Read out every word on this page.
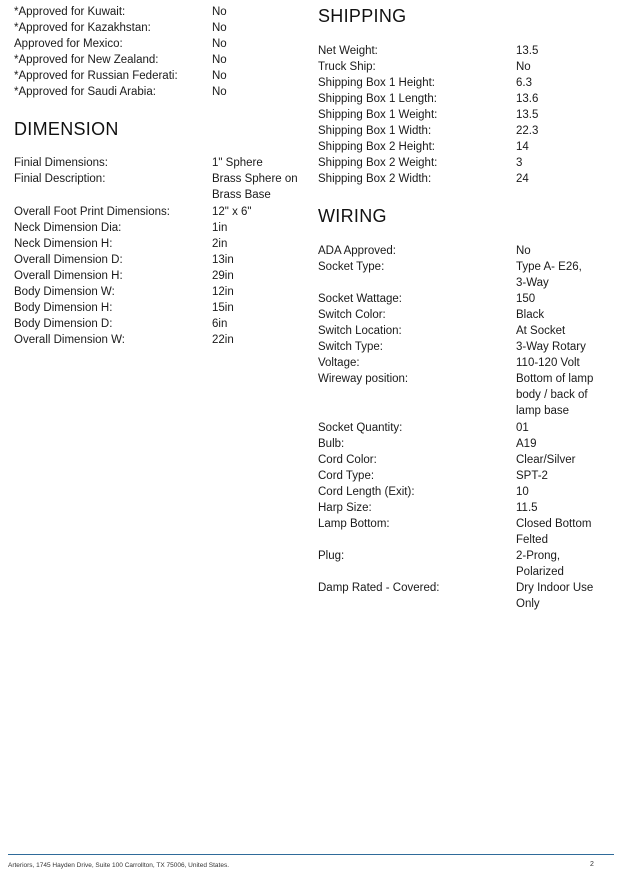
*Approved for Kuwait:	No
*Approved for Kazakhstan:	No
Approved for Mexico:	No
*Approved for New Zealand:	No
*Approved for Russian Federati:	No
*Approved for Saudi Arabia:	No
DIMENSION
Finial Dimensions:	1" Sphere
Finial Description:	Brass Sphere on
Brass Base
Overall Foot Print Dimensions:	12" x 6"
Neck Dimension Dia:	1in
Neck Dimension H:	2in
Overall Dimension D:	13in
Overall Dimension H:	29in
Body Dimension W:	12in
Body Dimension H:	15in
Body Dimension D:	6in
Overall Dimension W:	22in
SHIPPING
Net Weight:	13.5
Truck Ship:	No
Shipping Box 1 Height:	6.3
Shipping Box 1 Length:	13.6
Shipping Box 1 Weight:	13.5
Shipping Box 1 Width:	22.3
Shipping Box 2 Height:	14
Shipping Box 2 Weight:	3
Shipping Box 2 Width:	24
WIRING
ADA Approved:	No
Socket Type:	Type A- E26,
3-Way
Socket Wattage:	150
Switch Color:	Black
Switch Location:	At Socket
Switch Type:	3-Way Rotary
Voltage:	110-120 Volt
Wireway position:	Bottom of lamp
body / back of
lamp base
Socket Quantity:	01
Bulb:	A19
Cord Color:	Clear/Silver
Cord Type:	SPT-2
Cord Length (Exit):	10
Harp Size:	11.5
Lamp Bottom:	Closed Bottom
Felted
Plug:	2-Prong,
Polarized
Damp Rated - Covered:	Dry Indoor Use
Only
Arteriors, 1745 Hayden Drive, Suite 100 Carrollton, TX 75006, United States.	2
